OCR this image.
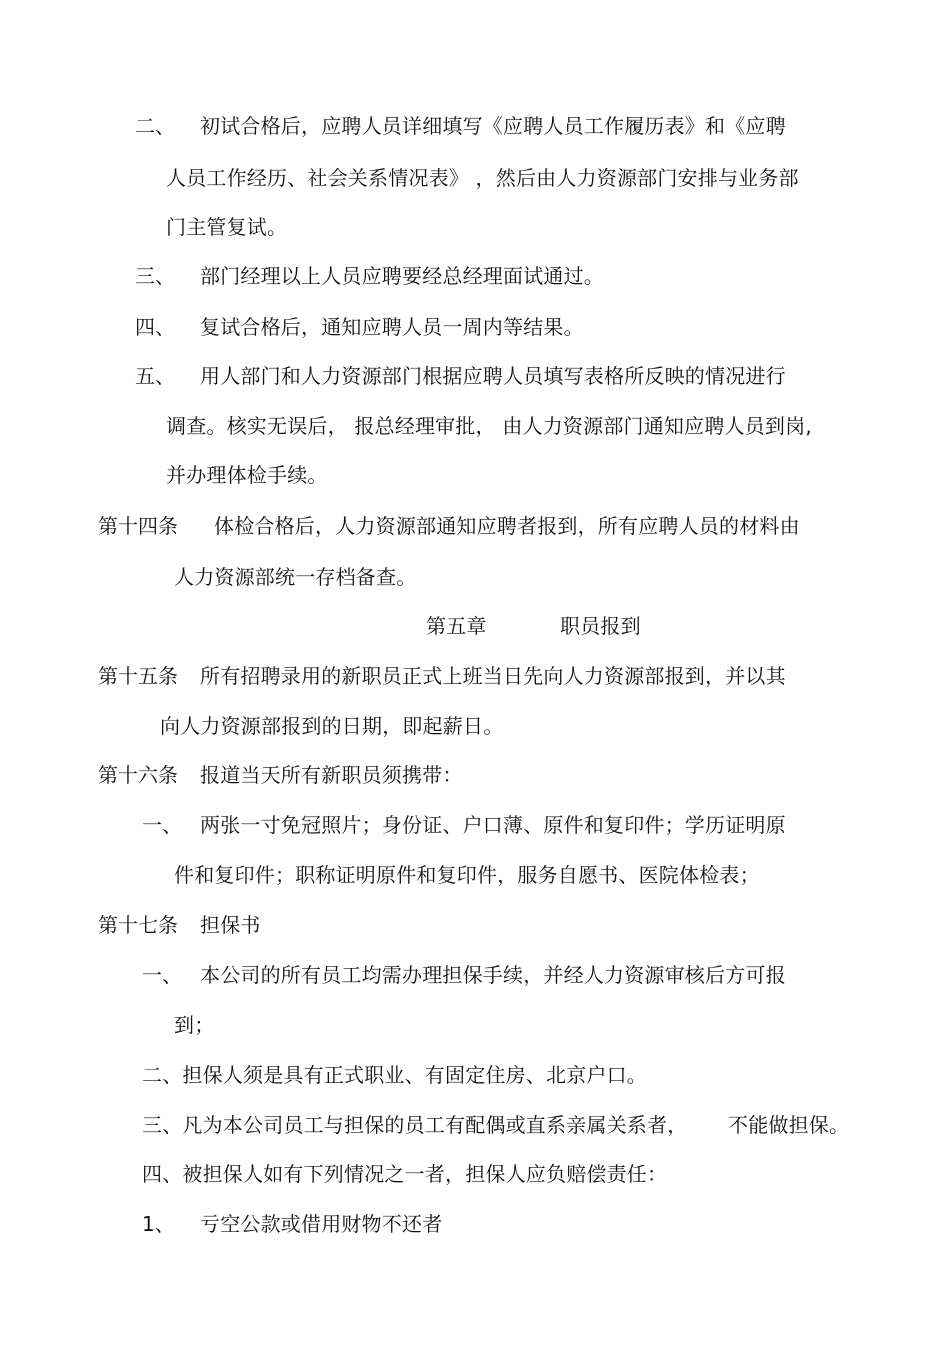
二、 初试合格后，应聘人员详细填写《应聘人员工作履历表》和《应聘
人员工作经历、社会关系情况表》 ，然后由人力资源部门安排与业务部
门主管复试。
三、 部门经理以上人员应聘要经总经理面试通过。
四、 复试合格后，通知应聘人员一周内等结果。
五、 用人部门和人力资源部门根据应聘人员填写表格所反映的情况进行
调查。核实无误后， 报总经理审批， 由人力资源部门通知应聘人员到岗,
并办理体检手续。
第十四条 体检合格后，人力资源部通知应聘者报到，所有应聘人员的材料由
人力资源部统一存档备查。
第五章	职员报到
第十五条 所有招聘录用的新职员正式上班当日先向人力资源部报到，并以其
向人力资源部报到的日期，即起薪日。
第十六条 报道当天所有新职员须携带：
一、 两张一寸免冠照片；身份证、户口薄、原件和复印件；学历证明原
件和复印件；职称证明原件和复印件，服务自愿书、医院体检表；
第十七条 担保书
一、 本公司的所有员工均需办理担保手续，并经人力资源审核后方可报
到；
二、担保人须是具有正式职业、有固定住房、北京户口。
三、凡为本公司员工与担保的员工有配偶或直系亲属关系者， 不能做担保。
四、被担保人如有下列情况之一者，担保人应负赔偿责任：
1、 亏空公款或借用财物不还者
